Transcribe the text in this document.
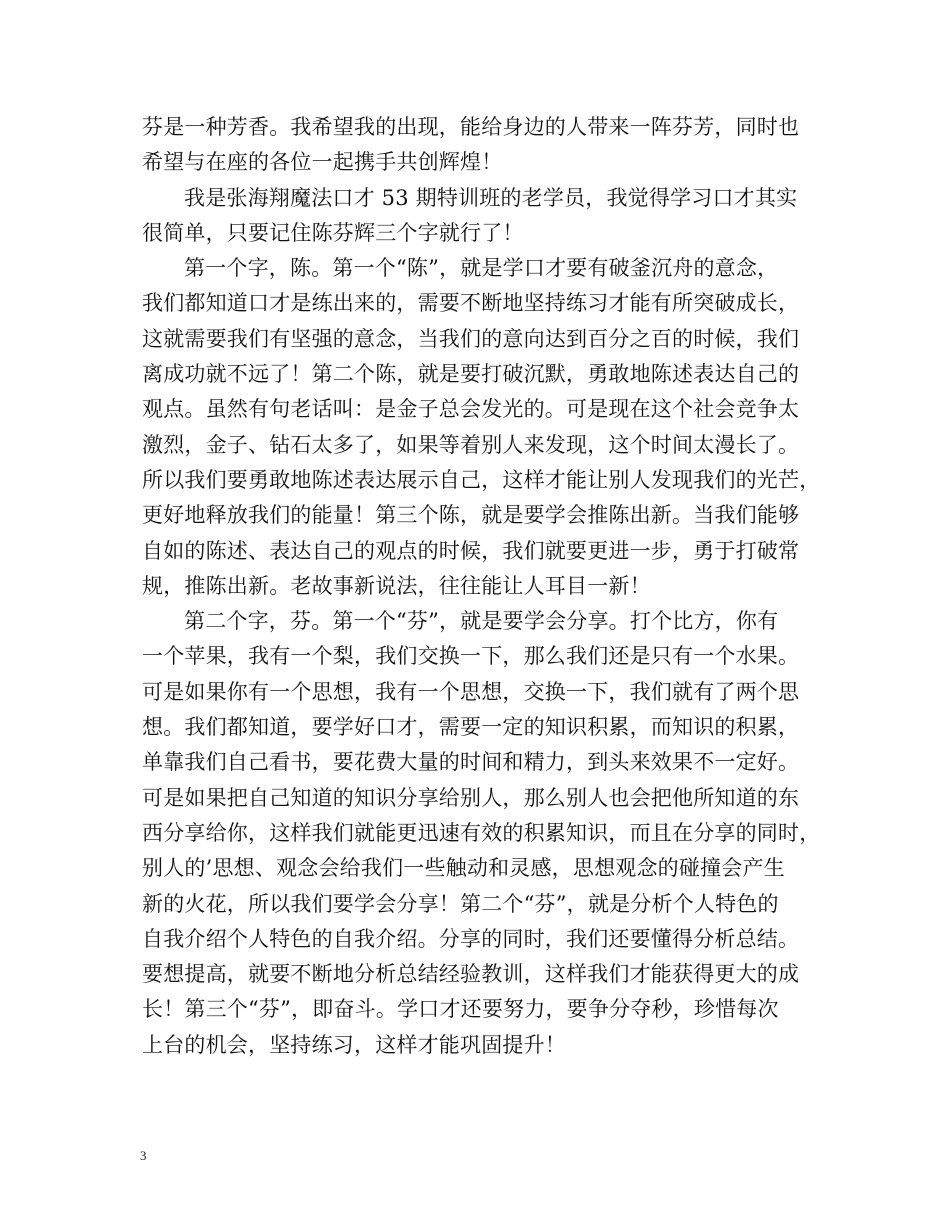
芬是一种芳香。我希望我的出现，能给身边的人带来一阵芬芳，同时也
希望与在座的各位一起携手共创辉煌！
我是张海翔魔法口才 53 期特训班的老学员，我觉得学习口才其实
很简单，只要记住陈芬辉三个字就行了！
第一个字，陈。第一个“陈”，就是学口才要有破釜沉舟的意念，
我们都知道口才是练出来的，需要不断地坚持练习才能有所突破成长，
这就需要我们有坚强的意念，当我们的意向达到百分之百的时候，我们
离成功就不远了！第二个陈，就是要打破沉默，勇敢地陈述表达自己的
观点。虽然有句老话叫：是金子总会发光的。可是现在这个社会竞争太
激烈，金子、钻石太多了，如果等着别人来发现，这个时间太漫长了。
所以我们要勇敢地陈述表达展示自己，这样才能让别人发现我们的光芒，
更好地释放我们的能量！第三个陈，就是要学会推陈出新。当我们能够
自如的陈述、表达自己的观点的时候，我们就要更进一步，勇于打破常
规，推陈出新。老故事新说法，往往能让人耳目一新！
第二个字，芬。第一个“芬”，就是要学会分享。打个比方，你有
一个苹果，我有一个梨，我们交换一下，那么我们还是只有一个水果。
可是如果你有一个思想，我有一个思想，交换一下，我们就有了两个思
想。我们都知道，要学好口才，需要一定的知识积累，而知识的积累，
单靠我们自己看书，要花费大量的时间和精力，到头来效果不一定好。
可是如果把自己知道的知识分享给别人，那么别人也会把他所知道的东
西分享给你，这样我们就能更迅速有效的积累知识，而且在分享的同时，
别人的’思想、观念会给我们一些触动和灵感，思想观念的碰撞会产生
新的火花，所以我们要学会分享！第二个“芬”，就是分析个人特色的
自我介绍个人特色的自我介绍。分享的同时，我们还要懂得分析总结。
要想提高，就要不断地分析总结经验教训，这样我们才能获得更大的成
长！第三个“芬”，即奋斗。学口才还要努力，要争分夺秒，珍惜每次
上台的机会，坚持练习，这样才能巩固提升！
3
